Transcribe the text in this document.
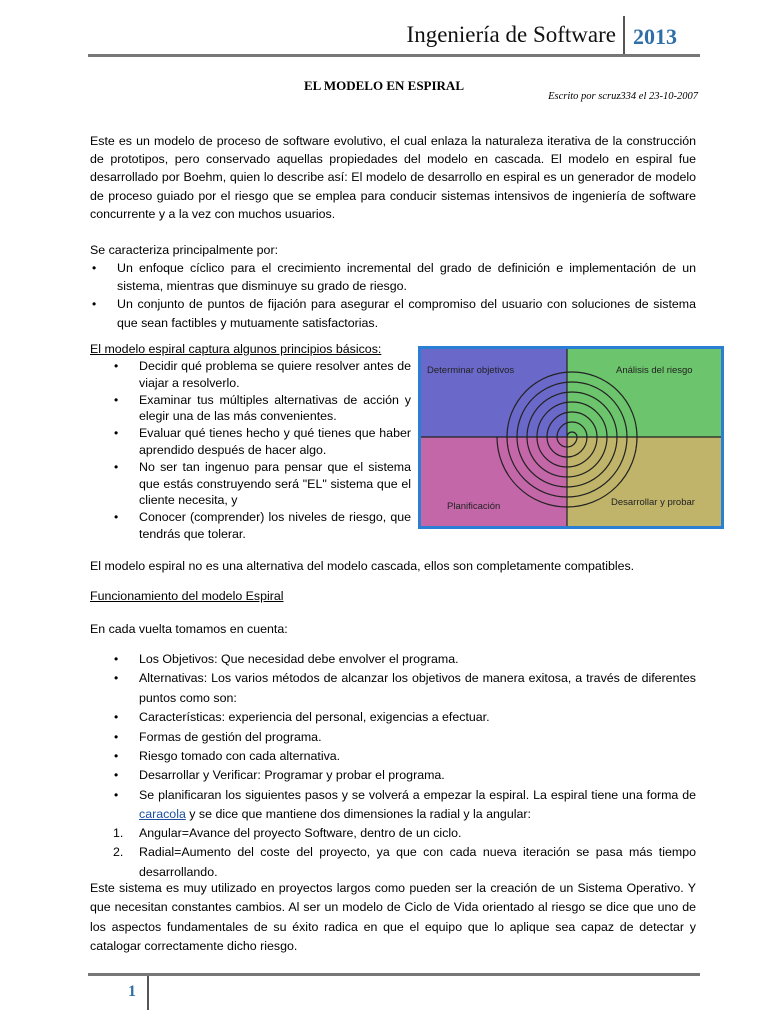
Ingeniería de Software 2013
EL MODELO EN ESPIRAL
Escrito por scruz334 el 23-10-2007
Este es un modelo de proceso de software evolutivo, el cual enlaza la naturaleza iterativa de la construcción de prototipos, pero conservado aquellas propiedades del modelo en cascada. El modelo en espiral fue desarrollado por Boehm, quien lo describe así: El modelo de desarrollo en espiral es un generador de modelo de proceso guiado por el riesgo que se emplea para conducir sistemas intensivos de ingeniería de software concurrente y a la vez con muchos usuarios.
Se caracteriza principalmente por:
• Un enfoque cíclico para el crecimiento incremental del grado de definición e implementación de un sistema, mientras que disminuye su grado de riesgo.
• Un conjunto de puntos de fijación para asegurar el compromiso del usuario con soluciones de sistema que sean factibles y mutuamente satisfactorias.
El modelo espiral captura algunos principios básicos:
• Decidir qué problema se quiere resolver antes de viajar a resolverlo.
• Examinar tus múltiples alternativas de acción y elegir una de las más convenientes.
• Evaluar qué tienes hecho y qué tienes que haber aprendido después de hacer algo.
• No ser tan ingenuo para pensar que el sistema que estás construyendo será "EL" sistema que el cliente necesita, y
• Conocer (comprender) los niveles de riesgo, que tendrás que tolerar.
Determinar objetivos	Análisis del riesgo
Planificación	Desarrollar y probar
El modelo espiral no es una alternativa del modelo cascada, ellos son completamente compatibles.
Funcionamiento del modelo Espiral
En cada vuelta tomamos en cuenta:
• Los Objetivos: Que necesidad debe envolver el programa.
• Alternativas: Los varios métodos de alcanzar los objetivos de manera exitosa, a través de diferentes puntos como son:
• Características: experiencia del personal, exigencias a efectuar.
• Formas de gestión del programa.
• Riesgo tomado con cada alternativa.
• Desarrollar y Verificar: Programar y probar el programa.
• Se planificaran los siguientes pasos y se volverá a empezar la espiral. La espiral tiene una forma de caracola y se dice que mantiene dos dimensiones la radial y la angular:
1. Angular=Avance del proyecto Software, dentro de un ciclo.
2. Radial=Aumento del coste del proyecto, ya que con cada nueva iteración se pasa más tiempo desarrollando.
Este sistema es muy utilizado en proyectos largos como pueden ser la creación de un Sistema Operativo. Y que necesitan constantes cambios. Al ser un modelo de Ciclo de Vida orientado al riesgo se dice que uno de los aspectos fundamentales de su éxito radica en que el equipo que lo aplique sea capaz de detectar y catalogar correctamente dicho riesgo.
1
